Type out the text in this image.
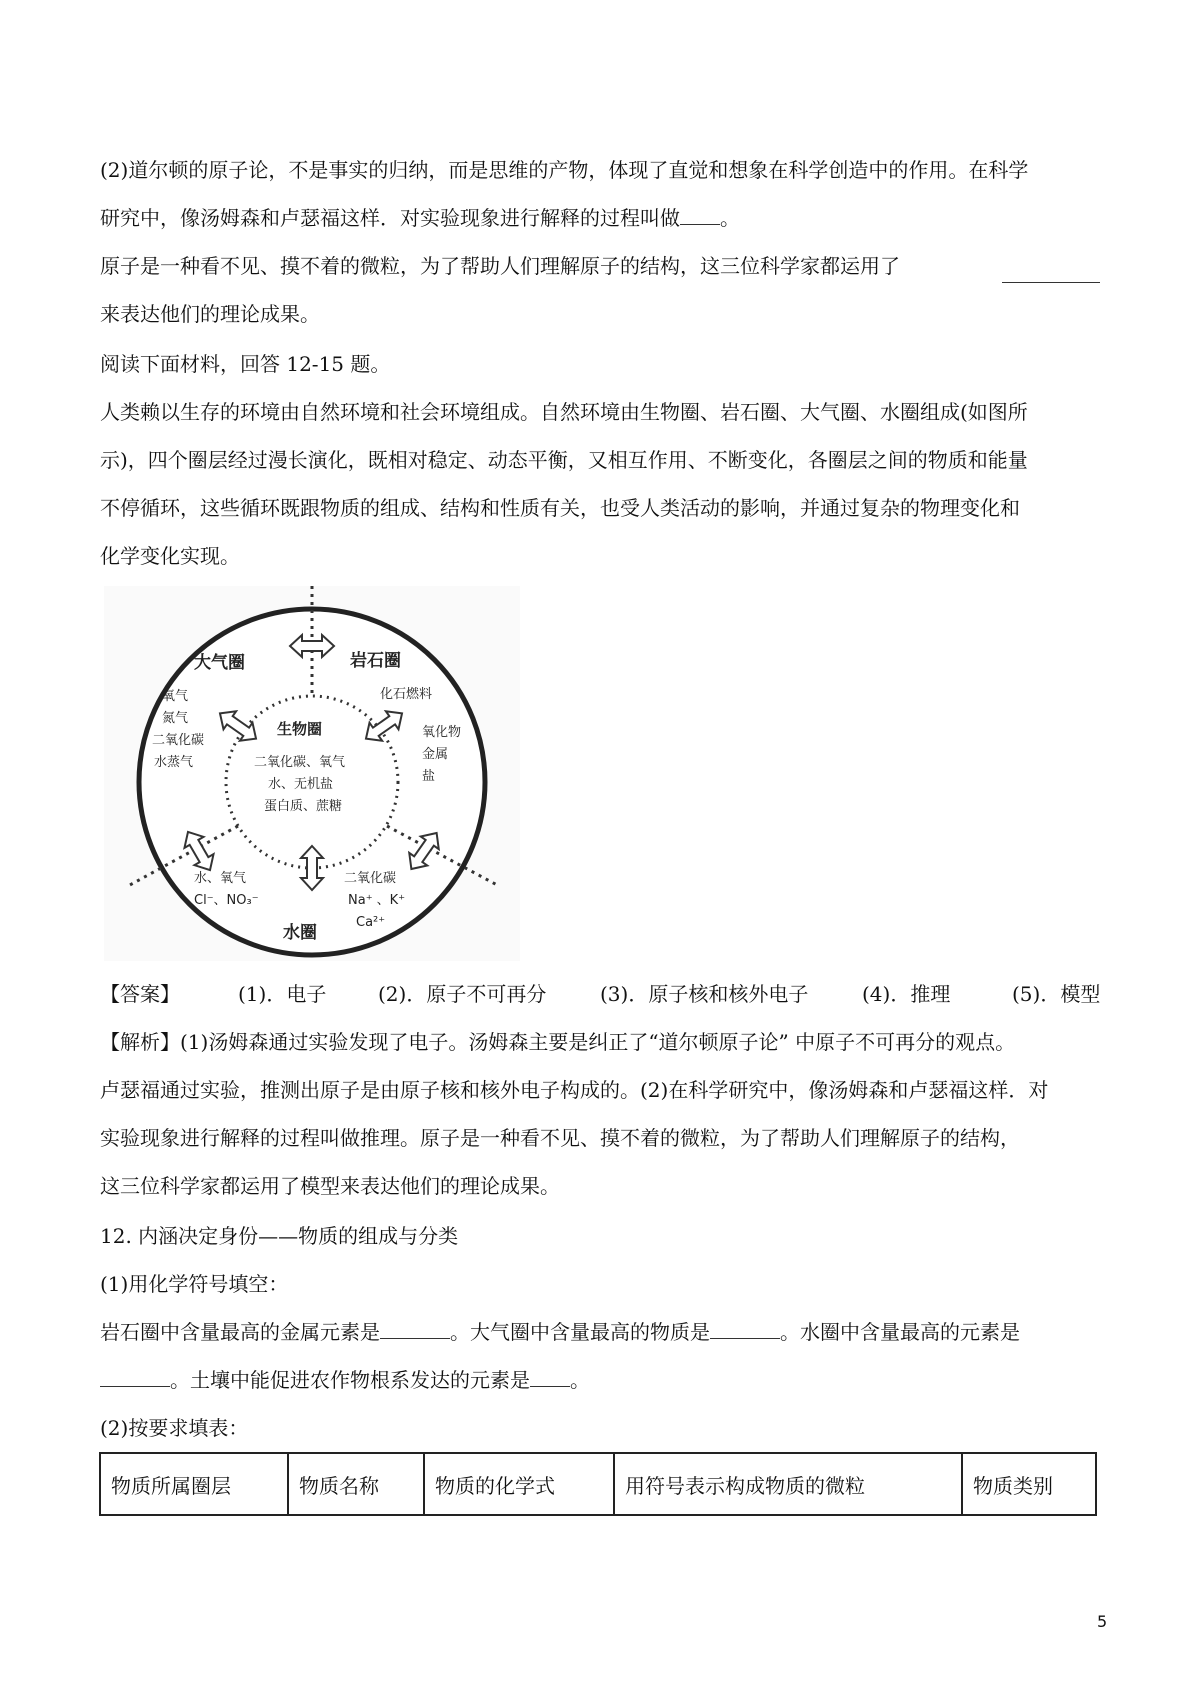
(2)道尔顿的原子论，不是事实的归纳，而是思维的产物，体现了直觉和想象在科学创造中的作用。在科学
研究中，像汤姆森和卢瑟福这样．对实验现象进行解释的过程叫做 。
原子是一种看不见、摸不着的微粒，为了帮助人们理解原子的结构，这三位科学家都运用了
来表达他们的理论成果。
阅读下面材料，回答 12-15 题。
人类赖以生存的环境由自然环境和社会环境组成。自然环境由生物圈、岩石圈、大气圈、水圈组成(如图所
示)，四个圈层经过漫长演化，既相对稳定、动态平衡，又相互作用、不断变化，各圈层之间的物质和能量
不停循环，这些循环既跟物质的组成、结构和性质有关，也受人类活动的影响，并通过复杂的物理变化和
化学变化实现。
大气圈	岩石圈
生物圈
水圈
氧气
氮气
二氧化碳
水蒸气
化石燃料
氧化物
金属
盐
二氧化碳、氧气
水、无机盐
蛋白质、蔗糖
水、氧气
Cl⁻、NO₃⁻
二氧化碳
Na⁺ 、K⁺
Ca²⁺
【答案】	(1)．电子	(2)．原子不可再分	(3)．原子核和核外电子	(4)．推理	(5)．模型
【解析】(1)汤姆森通过实验发现了电子。汤姆森主要是纠正了“道尔顿原子论” 中原子不可再分的观点。
卢瑟福通过实验，推测出原子是由原子核和核外电子构成的。(2)在科学研究中，像汤姆森和卢瑟福这样．对
实验现象进行解释的过程叫做推理。原子是一种看不见、摸不着的微粒，为了帮助人们理解原子的结构，
这三位科学家都运用了模型来表达他们的理论成果。
12. 内涵决定身份——物质的组成与分类
(1)用化学符号填空：
岩石圈中含量最高的金属元素是	。大气圈中含量最高的物质是	。水圈中含量最高的元素是
。土壤中能促进农作物根系发达的元素是 。
(2)按要求填表：
物质所属圈层	物质名称	物质的化学式	用符号表示构成物质的微粒	物质类别
5
